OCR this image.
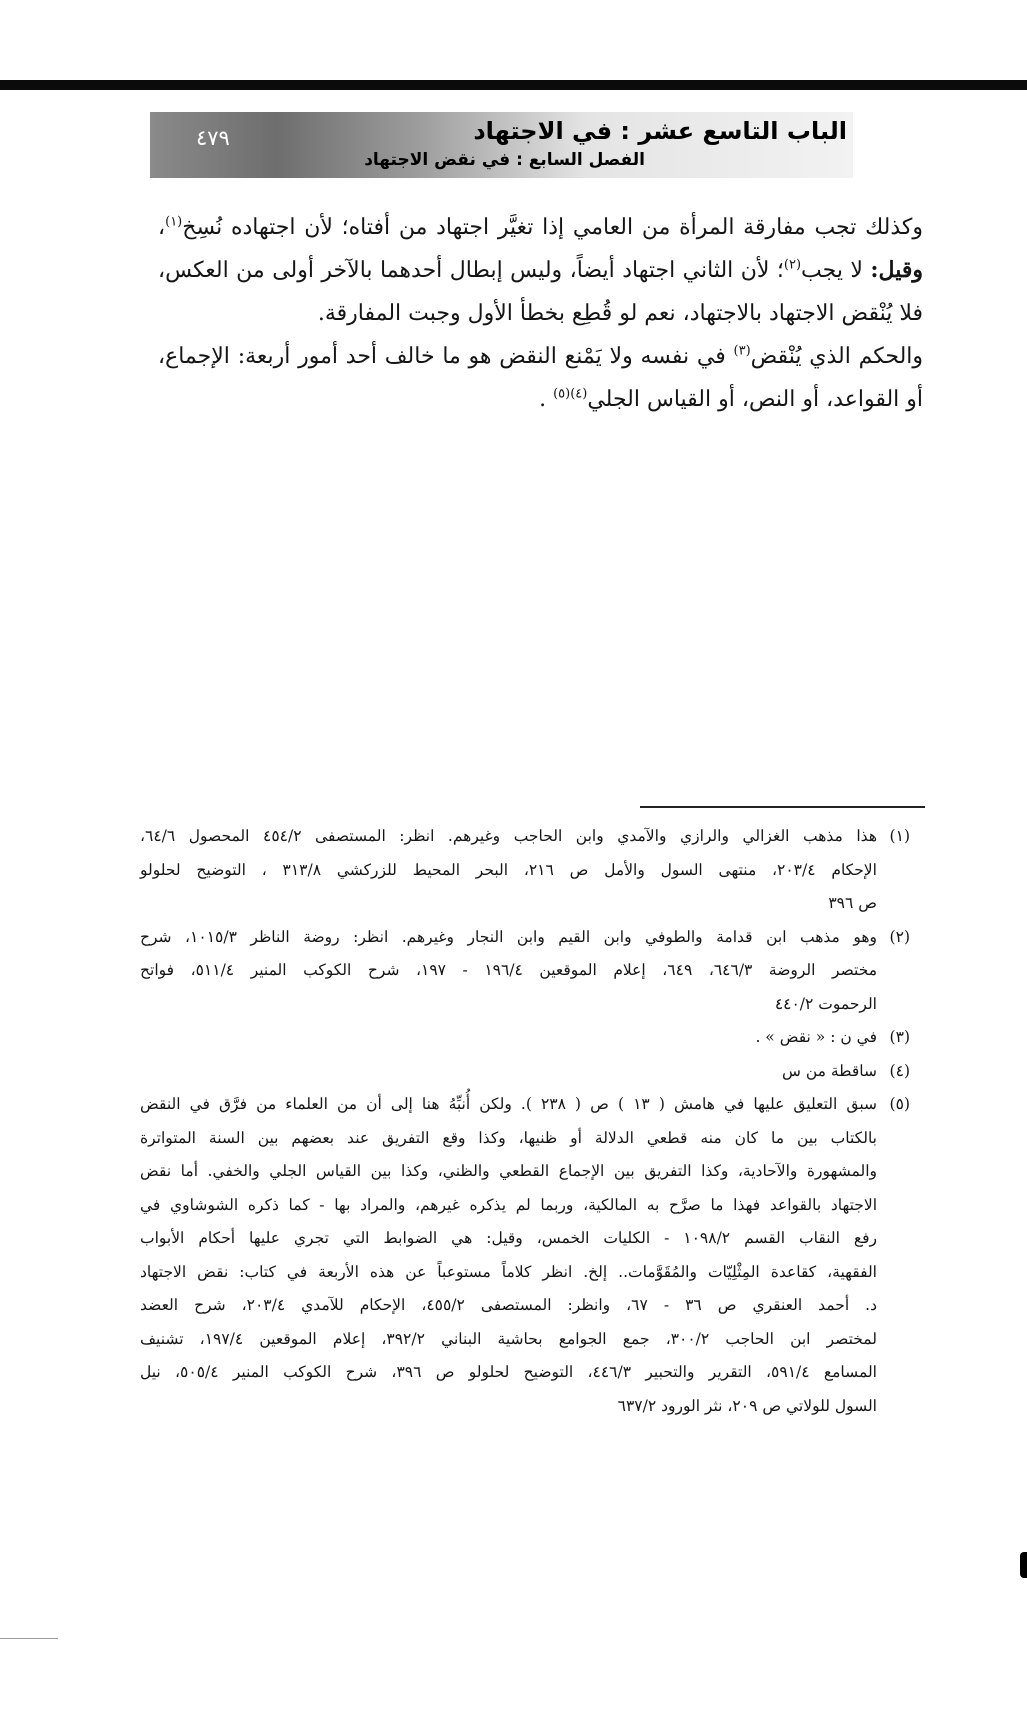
الباب التاسع عشر : في الاجتهاد
الفصل السابع : في نقض الاجتهاد
٤٧٩

وكذلك تجب مفارقة المرأة من العامي إذا تغيَّر اجتهاد من أفتاه؛ لأن اجتهاده نُسِخ$^{(١)}$، وقيل: لا يجب$^{(٢)}$؛ لأن الثاني اجتهاد أيضاً، وليس إبطال أحدهما بالآخر أولى من العكس، فلا يُنْقض الاجتهاد بالاجتهاد، نعم لو قُطِع بخطأ الأول وجبت المفارقة.

والحكم الذي يُنْقض$^{(٣)}$ في نفسه ولا يَمْنع النقض هو ما خالف أحد أمور أربعة: الإجماع، أو القواعد، أو النص، أو القياس الجلي$^{(٤)(٥)}$ .

(١)
هذا مذهب الغزالي والرازي والآمدي وابن الحاجب وغيرهم. انظر: المستصفى ٤٥٤/٢ المحصول ٦٤/٦،
الإحكام ٢٠٣/٤، منتهى السول والأمل ص ٢١٦، البحر المحيط للزركشي ٣١٣/٨ ، التوضيح لحلولو
ص ٣٩٦
(٢)
وهو مذهب ابن قدامة والطوفي وابن القيم وابن النجار وغيرهم. انظر: روضة الناظر ١٠١٥/٣، شرح
مختصر الروضة ٦٤٦/٣، ٦٤٩، إعلام الموقعين ١٩٦/٤ - ١٩٧، شرح الكوكب المنير ٥١١/٤، فواتح
الرحموت ٤٤٠/٢
(٣)
في ن : « نقض » .
(٤)
ساقطة من س
(٥)
سبق التعليق عليها في هامش ( ١٣ ) ص ( ٢٣٨ ). ولكن أُنبِّهُ هنا إلى أن من العلماء من فرَّق في النقض
بالكتاب بين ما كان منه قطعي الدلالة أو ظنيها، وكذا وقع التفريق عند بعضهم بين السنة المتواترة
والمشهورة والآحادية، وكذا التفريق بين الإجماع القطعي والظني، وكذا بين القياس الجلي والخفي. أما نقض
الاجتهاد بالقواعد فهذا ما صرَّح به المالكية، وربما لم يذكره غيرهم، والمراد بها - كما ذكره الشوشاوي في
رفع النقاب القسم ١٠٩٨/٢ - الكليات الخمس، وقيل: هي الضوابط التي تجري عليها أحكام الأبواب
الفقهية، كقاعدة المِثْلِيّات والمُقَوَّمات.. إلخ. انظر كلاماً مستوعباً عن هذه الأربعة في كتاب: نقض الاجتهاد
د. أحمد العنقري ص ٣٦ - ٦٧، وانظر: المستصفى ٤٥٥/٢، الإحكام للآمدي ٢٠٣/٤، شرح العضد
لمختصر ابن الحاجب ٣٠٠/٢، جمع الجوامع بحاشية البناني ٣٩٢/٢، إعلام الموقعين ١٩٧/٤، تشنيف
المسامع ٥٩١/٤، التقرير والتحبير ٤٤٦/٣، التوضيح لحلولو ص ٣٩٦، شرح الكوكب المنير ٥٠٥/٤، نيل
السول للولاتي ص ٢٠٩، نثر الورود ٦٣٧/٢
